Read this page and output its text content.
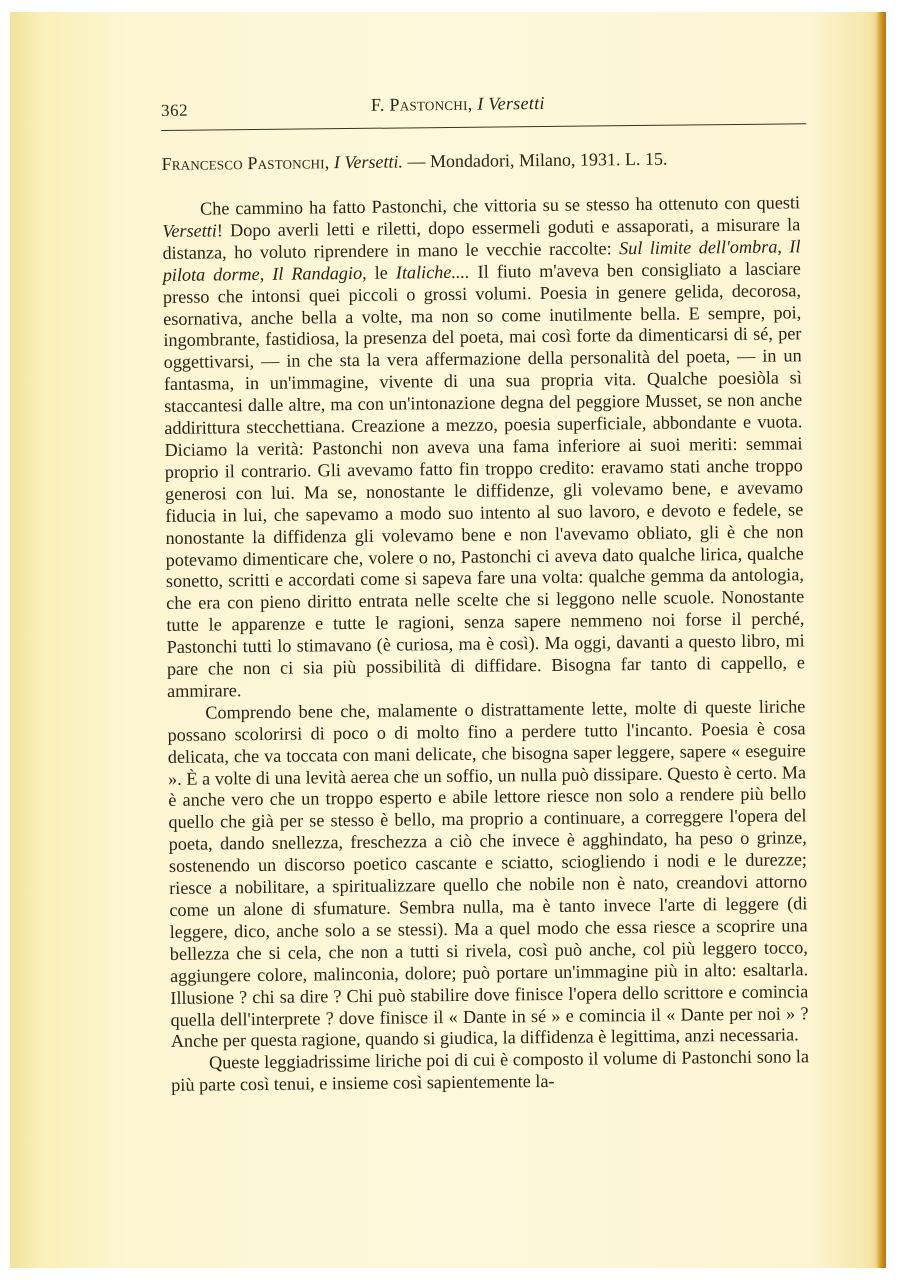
362	F. Pastonchi, I Versetti
Francesco Pastonchi, I Versetti. — Mondadori, Milano, 1931. L. 15.

Che cammino ha fatto Pastonchi, che vittoria su se stesso ha ottenuto con questi Versetti! Dopo averli letti e riletti, dopo essermeli goduti e assaporati, a misurare la distanza, ho voluto riprendere in mano le vecchie raccolte: Sul limite dell'ombra, Il pilota dorme, Il Randagio, le Italiche.... Il fiuto m'aveva ben consigliato a lasciare presso che intonsi quei piccoli o grossi volumi. Poesia in genere gelida, decorosa, esornativa, anche bella a volte, ma non so come inutilmente bella. E sempre, poi, ingombrante, fastidiosa, la presenza del poeta, mai così forte da dimenticarsi di sé, per oggettivarsi, — in che sta la vera affermazione della personalità del poeta, — in un fantasma, in un'immagine, vivente di una sua propria vita. Qualche poesiòla sì staccantesi dalle altre, ma con un'intonazione degna del peggiore Musset, se non anche addirittura stecchettiana. Creazione a mezzo, poesia superficiale, abbondante e vuota. Diciamo la verità: Pastonchi non aveva una fama inferiore ai suoi meriti: semmai proprio il contrario. Gli avevamo fatto fin troppo credito: eravamo stati anche troppo generosi con lui. Ma se, nonostante le diffidenze, gli volevamo bene, e avevamo fiducia in lui, che sapevamo a modo suo intento al suo lavoro, e devoto e fedele, se nonostante la diffidenza gli volevamo bene e non l'avevamo obliato, gli è che non potevamo dimenticare che, volere o no, Pastonchi ci aveva dato qualche lirica, qualche sonetto, scritti e accordati come si sapeva fare una volta: qualche gemma da antologia, che era con pieno diritto entrata nelle scelte che si leggono nelle scuole. Nonostante tutte le apparenze e tutte le ragioni, senza sapere nemmeno noi forse il perché, Pastonchi tutti lo stimavano (è curiosa, ma è così). Ma oggi, davanti a questo libro, mi pare che non ci sia più possibilità di diffidare. Bisogna far tanto di cappello, e ammirare.

Comprendo bene che, malamente o distrattamente lette, molte di queste liriche possano scolorirsi di poco o di molto fino a perdere tutto l'incanto. Poesia è cosa delicata, che va toccata con mani delicate, che bisogna saper leggere, sapere « eseguire ». È a volte di una levità aerea che un soffio, un nulla può dissipare. Questo è certo. Ma è anche vero che un troppo esperto e abile lettore riesce non solo a rendere più bello quello che già per se stesso è bello, ma proprio a continuare, a correggere l'opera del poeta, dando snellezza, freschezza a ciò che invece è agghindato, ha peso o grinze, sostenendo un discorso poetico cascante e sciatto, sciogliendo i nodi e le durezze; riesce a nobilitare, a spiritualizzare quello che nobile non è nato, creandovi attorno come un alone di sfumature. Sembra nulla, ma è tanto invece l'arte di leggere (di leggere, dico, anche solo a se stessi). Ma a quel modo che essa riesce a scoprire una bellezza che si cela, che non a tutti si rivela, così può anche, col più leggero tocco, aggiungere colore, malinconia, dolore; può portare un'immagine più in alto: esaltarla. Illusione ? chi sa dire ? Chi può stabilire dove finisce l'opera dello scrittore e comincia quella dell'interprete ? dove finisce il « Dante in sé » e comincia il « Dante per noi » ? Anche per questa ragione, quando si giudica, la diffidenza è legittima, anzi necessaria.

Queste leggiadrissime liriche poi di cui è composto il volume di Pastonchi sono la più parte così tenui, e insieme così sapientemente la-
